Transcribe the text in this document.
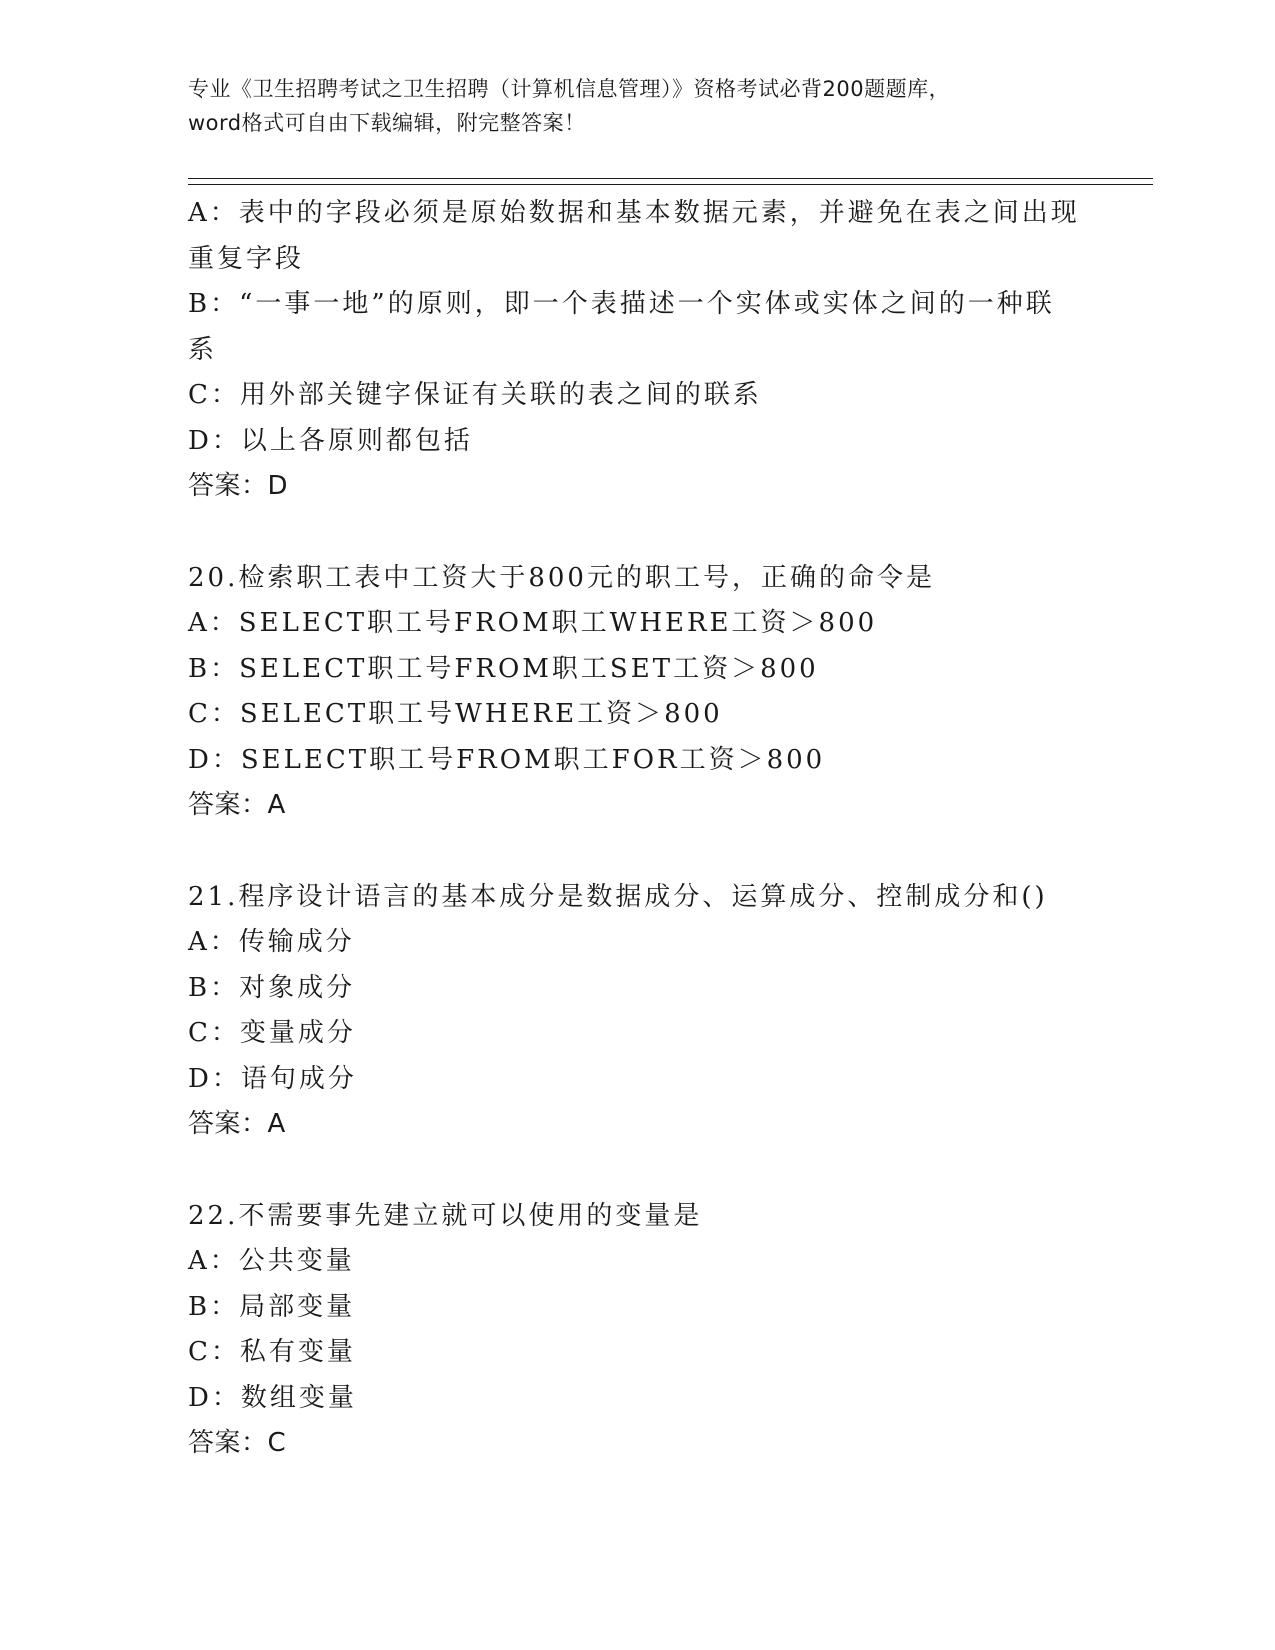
专业《卫生招聘考试之卫生招聘（计算机信息管理）》资格考试必背200题题库，
word格式可自由下载编辑，附完整答案！
A：表中的字段必须是原始数据和基本数据元素，并避免在表之间出现
重复字段
B：“一事一地”的原则，即一个表描述一个实体或实体之间的一种联
系
C：用外部关键字保证有关联的表之间的联系
D：以上各原则都包括
答案：D
20.检索职工表中工资大于800元的职工号，正确的命令是
A：SELECT职工号FROM职工WHERE工资＞800
B：SELECT职工号FROM职工SET工资＞800
C：SELECT职工号WHERE工资＞800
D：SELECT职工号FROM职工FOR工资＞800
答案：A
21.程序设计语言的基本成分是数据成分、运算成分、控制成分和()
A：传输成分
B：对象成分
C：变量成分
D：语句成分
答案：A
22.不需要事先建立就可以使用的变量是
A：公共变量
B：局部变量
C：私有变量
D：数组变量
答案：C
